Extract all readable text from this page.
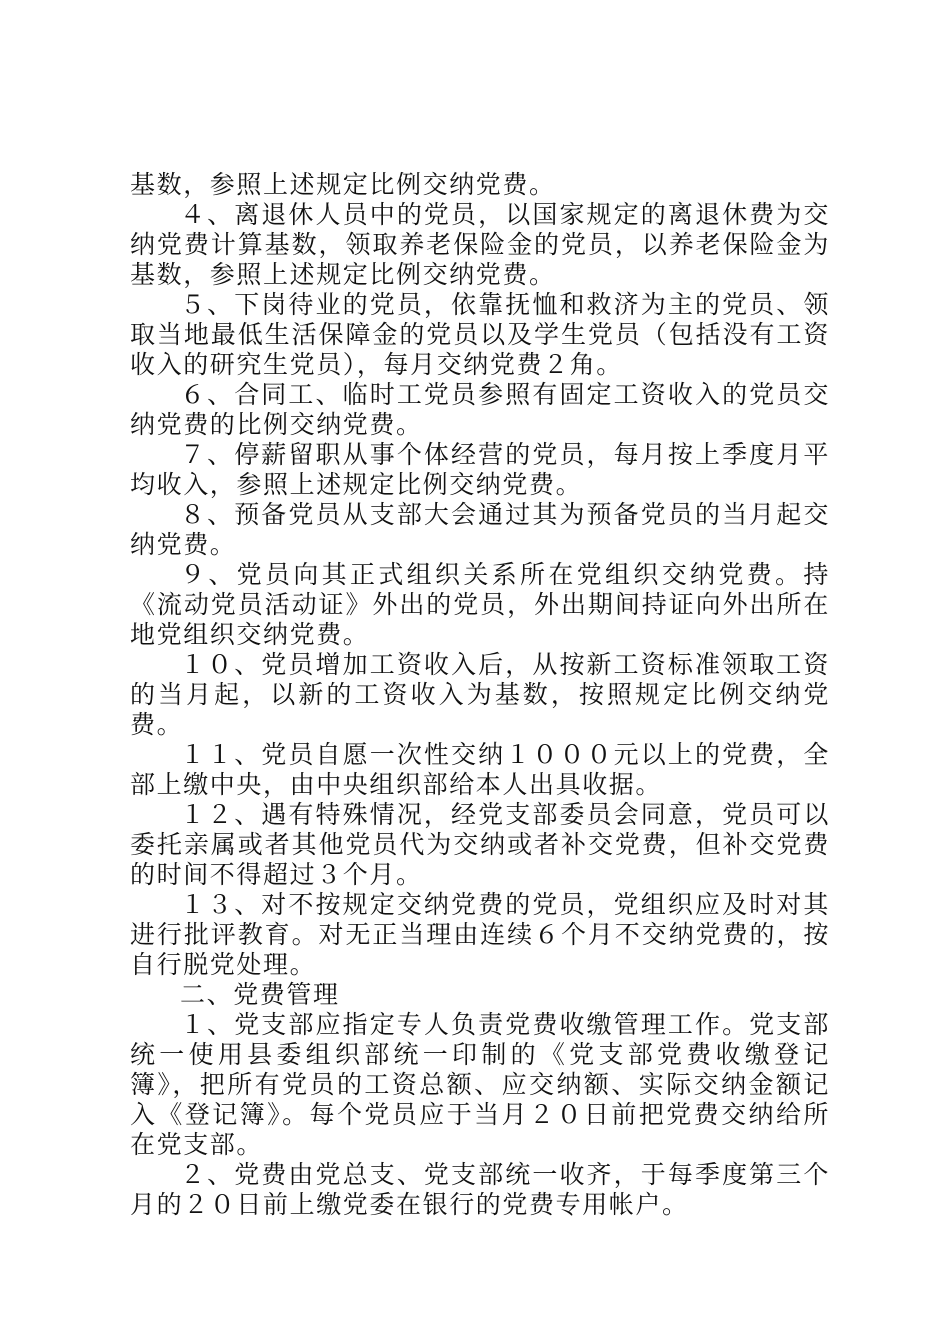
基数，参照上述规定比例交纳党费。

４、离退休人员中的党员，以国家规定的离退休费为交纳党费计算基数，领取养老保险金的党员，以养老保险金为基数，参照上述规定比例交纳党费。

５、下岗待业的党员，依靠抚恤和救济为主的党员、领取当地最低生活保障金的党员以及学生党员（包括没有工资收入的研究生党员），每月交纳党费２角。

６、合同工、临时工党员参照有固定工资收入的党员交纳党费的比例交纳党费。

７、停薪留职从事个体经营的党员，每月按上季度月平均收入，参照上述规定比例交纳党费。

８、预备党员从支部大会通过其为预备党员的当月起交纳党费。

９、党员向其正式组织关系所在党组织交纳党费。持《流动党员活动证》外出的党员，外出期间持证向外出所在地党组织交纳党费。

１０、党员增加工资收入后，从按新工资标准领取工资的当月起，以新的工资收入为基数，按照规定比例交纳党费。

１１、党员自愿一次性交纳１０００元以上的党费，全部上缴中央，由中央组织部给本人出具收据。

１２、遇有特殊情况，经党支部委员会同意，党员可以委托亲属或者其他党员代为交纳或者补交党费，但补交党费的时间不得超过３个月。

１３、对不按规定交纳党费的党员，党组织应及时对其进行批评教育。对无正当理由连续６个月不交纳党费的，按自行脱党处理。

二、党费管理

１、党支部应指定专人负责党费收缴管理工作。党支部统一使用县委组织部统一印制的《党支部党费收缴登记簿》，把所有党员的工资总额、应交纳额、实际交纳金额记入《登记簿》。每个党员应于当月２０日前把党费交纳给所在党支部。

２、党费由党总支、党支部统一收齐，于每季度第三个月的２０日前上缴党委在银行的党费专用帐户。
